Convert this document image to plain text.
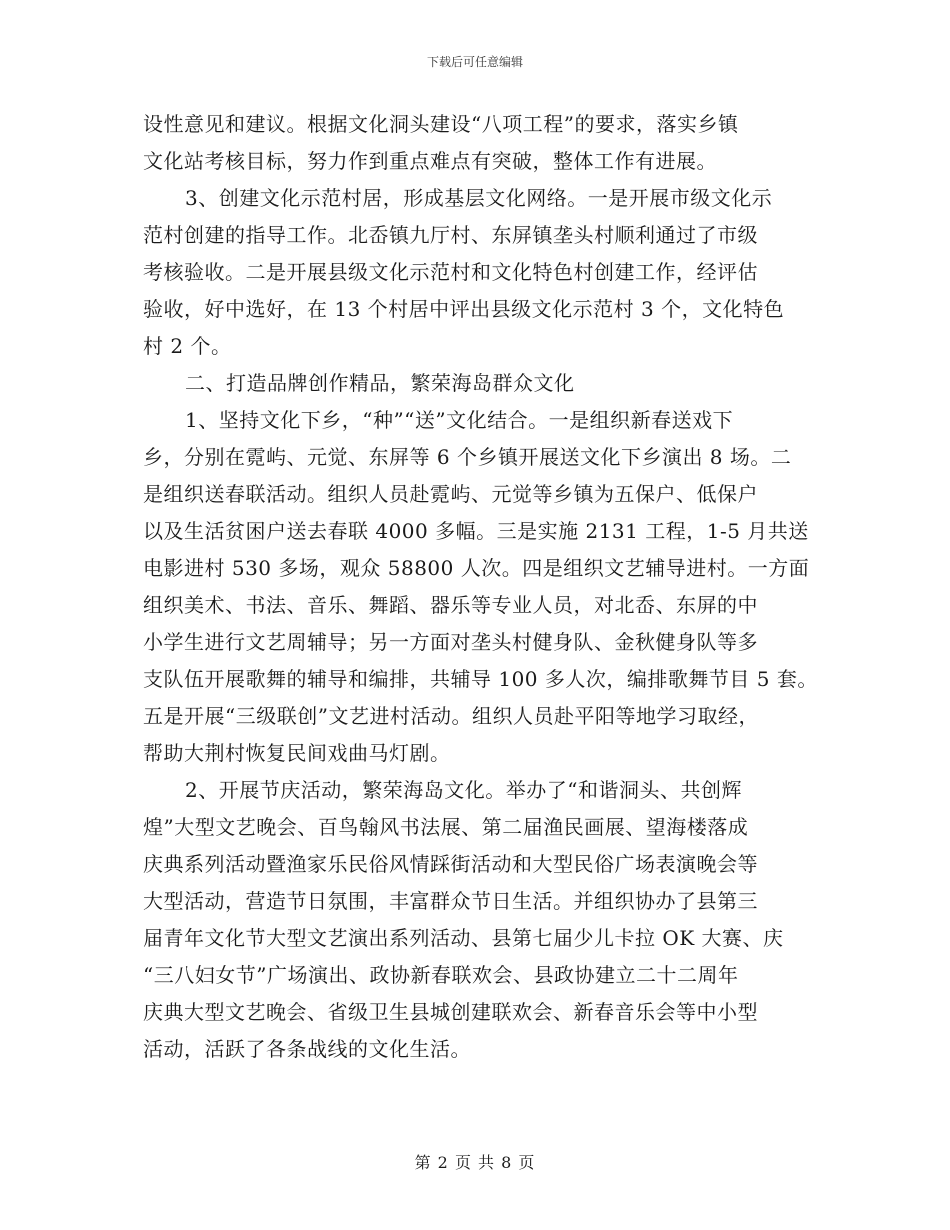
下载后可任意编辑
设性意见和建议。根据文化洞头建设“八项工程”的要求，落实乡镇
文化站考核目标，努力作到重点难点有突破，整体工作有进展。
3、创建文化示范村居，形成基层文化网络。一是开展市级文化示
范村创建的指导工作。北岙镇九厅村、东屏镇垄头村顺利通过了市级
考核验收。二是开展县级文化示范村和文化特色村创建工作，经评估
验收，好中选好，在 13 个村居中评出县级文化示范村 3 个，文化特色
村 2 个。
二、打造品牌创作精品，繁荣海岛群众文化
1、坚持文化下乡，“种”“送”文化结合。一是组织新春送戏下
乡，分别在霓屿、元觉、东屏等 6 个乡镇开展送文化下乡演出 8 场。二
是组织送春联活动。组织人员赴霓屿、元觉等乡镇为五保户、低保户
以及生活贫困户送去春联 4000 多幅。三是实施 2131 工程，1-5 月共送
电影进村 530 多场，观众 58800 人次。四是组织文艺辅导进村。一方面
组织美术、书法、音乐、舞蹈、器乐等专业人员，对北岙、东屏的中
小学生进行文艺周辅导；另一方面对垄头村健身队、金秋健身队等多
支队伍开展歌舞的辅导和编排，共辅导 100 多人次，编排歌舞节目 5 套。
五是开展“三级联创”文艺进村活动。组织人员赴平阳等地学习取经，
帮助大荆村恢复民间戏曲马灯剧。
2、开展节庆活动，繁荣海岛文化。举办了“和谐洞头、共创辉
煌”大型文艺晚会、百鸟翰风书法展、第二届渔民画展、望海楼落成
庆典系列活动暨渔家乐民俗风情踩街活动和大型民俗广场表演晚会等
大型活动，营造节日氛围，丰富群众节日生活。并组织协办了县第三
届青年文化节大型文艺演出系列活动、县第七届少儿卡拉 OK 大赛、庆
“三八妇女节”广场演出、政协新春联欢会、县政协建立二十二周年
庆典大型文艺晚会、省级卫生县城创建联欢会、新春音乐会等中小型
活动，活跃了各条战线的文化生活。
第 2 页 共 8 页
